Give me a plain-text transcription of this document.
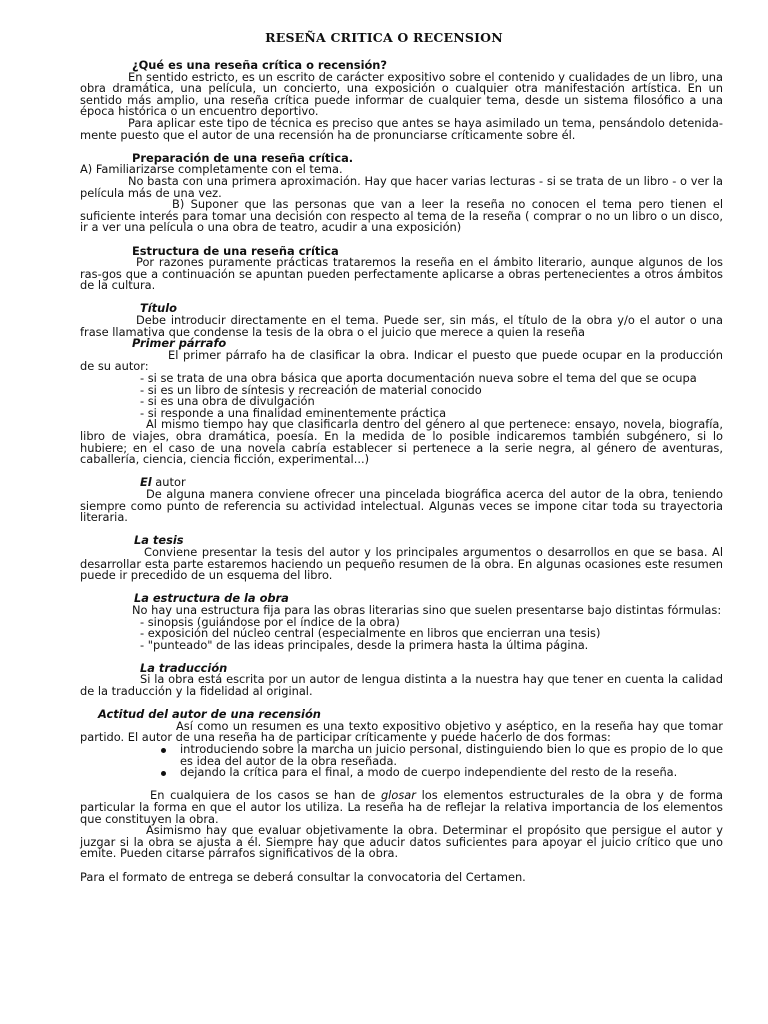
RESEÑA CRITICA O RECENSION
¿Qué es una reseña crítica o recensión?
En sentido estricto, es un escrito de carácter expositivo sobre el contenido y cualidades de un libro, una obra dramática, una película, un concierto, una exposición o cualquier otra manifestación artística. En un sentido más amplio, una reseña crítica puede informar de cualquier tema, desde un sistema filosófico a una época histórica o un encuentro deportivo.
Para aplicar este tipo de técnica es preciso que antes se haya asimilado un tema, pensándolo detenida-mente puesto que el autor de una recensión ha de pronunciarse críticamente sobre él.
Preparación de una reseña crítica.
A) Familiarizarse completamente con el tema.
No basta con una primera aproximación. Hay que hacer varias lecturas - si se trata de un libro - o ver la película más de una vez.
B) Suponer que las personas que van a leer la reseña no conocen el tema pero tienen el suficiente interés para tomar una decisión con respecto al tema de la reseña ( comprar o no un libro o un disco, ir a ver una película o una obra de teatro, acudir a una exposición)
Estructura de una reseña crítica
Por razones puramente prácticas trataremos la reseña en el ámbito literario, aunque algunos de los ras-gos que a continuación se apuntan pueden perfectamente aplicarse a obras pertenecientes a otros ámbitos de la cultura.
Título
Debe introducir directamente en el tema. Puede ser, sin más, el título de la obra y/o el autor o una frase llamativa que condense la tesis de la obra o el juicio que merece a quien la reseña
Primer párrafo
El primer párrafo ha de clasificar la obra. Indicar el puesto que puede ocupar en la producción de su autor:
- si se trata de una obra básica que aporta documentación nueva sobre el tema del que se ocupa
- si es un libro de síntesis y recreación de material conocido
- si es una obra de divulgación
- si responde a una finalidad eminentemente práctica
Al mismo tiempo hay que clasificarla dentro del género al que pertenece: ensayo, novela, biografía, libro de viajes, obra dramática, poesía. En la medida de lo posible indicaremos también subgénero, si lo hubiere; en el caso de una novela cabría establecer si pertenece a la serie negra, al género de aventuras, caballería, ciencia, ciencia ficción, experimental...)
El autor
De alguna manera conviene ofrecer una pincelada biográfica acerca del autor de la obra, teniendo siempre como punto de referencia su actividad intelectual. Algunas veces se impone citar toda su trayectoria literaria.
La tesis
Conviene presentar la tesis del autor y los principales argumentos o desarrollos en que se basa. Al desarrollar esta parte estaremos haciendo un pequeño resumen de la obra. En algunas ocasiones este resumen puede ir precedido de un esquema del libro.
La estructura de la obra
No hay una estructura fija para las obras literarias sino que suelen presentarse bajo distintas fórmulas:
- sinopsis (guiándose por el índice de la obra)
- exposición del núcleo central (especialmente en libros que encierran una tesis)
- "punteado" de las ideas principales, desde la primera hasta la última página.
La traducción
Si la obra está escrita por un autor de lengua distinta a la nuestra hay que tener en cuenta la calidad de la traducción y la fidelidad al original.
Actitud del autor de una recensión
Así como un resumen es una texto expositivo objetivo y aséptico, en la reseña hay que tomar partido. El autor de una reseña ha de participar críticamente y puede hacerlo de dos formas:
introduciendo sobre la marcha un juicio personal, distinguiendo bien lo que es propio de lo que es idea del autor de la obra reseñada.
dejando la crítica para el final, a modo de cuerpo independiente del resto de la reseña.
En cualquiera de los casos se han de glosar los elementos estructurales de la obra y de forma particular la forma en que el autor los utiliza. La reseña ha de reflejar la relativa importancia de los elementos que constituyen la obra.
Asimismo hay que evaluar objetivamente la obra. Determinar el propósito que persigue el autor y juzgar si la obra se ajusta a él. Siempre hay que aducir datos suficientes para apoyar el juicio crítico que uno emite. Pueden citarse párrafos significativos de la obra.
Para el formato de entrega se deberá consultar la convocatoria del Certamen.
